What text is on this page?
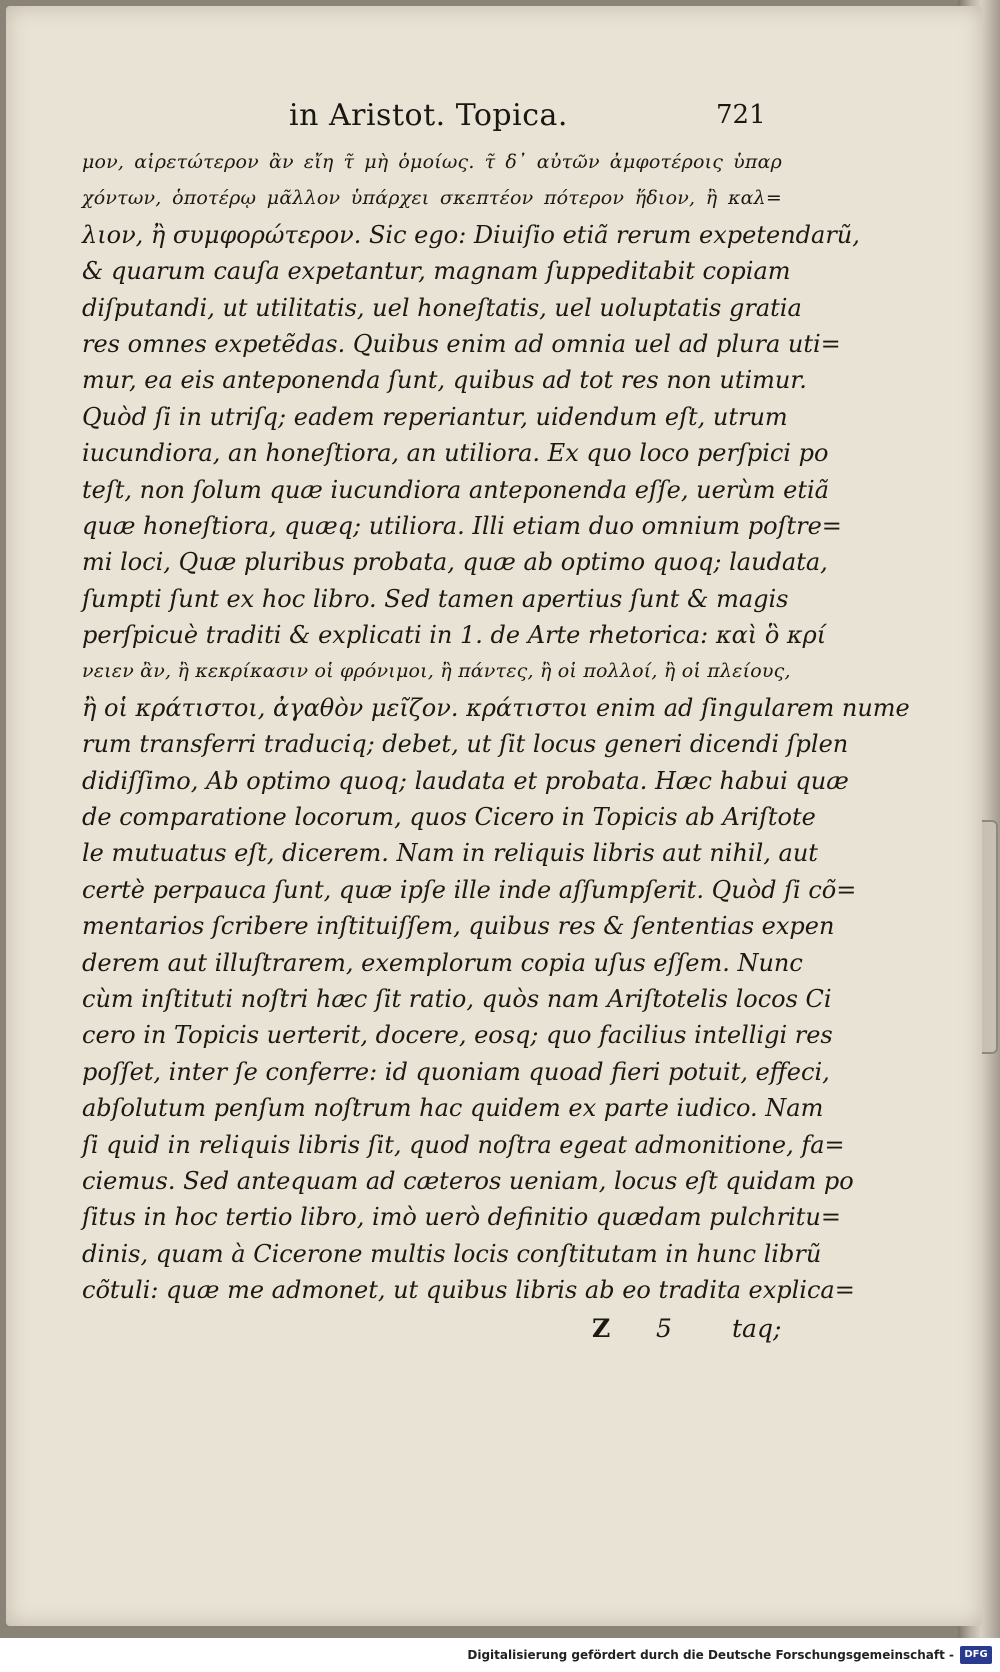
in Aristot. Topica.	721
μον, αἱρετώτερον ἂν εἴη τ̃ μὴ ὁμοίως. τ̃ δ᾽ αὐτῶν ἀμφοτέροις ὑπαρ
χόντων, ὁποτέρῳ μᾶλλον ὑπάρχει σκεπτέον πότερον ἥδιον, ἢ καλ=
λιον, ἢ συμφορώτερον. Sic ego: Diuiſio etiã rerum expetendarũ,
& quarum cauſa expetantur, magnam ſuppeditabit copiam
diſputandi, ut utilitatis, uel honeſtatis, uel uoluptatis gratia
res omnes expetẽdas. Quibus enim ad omnia uel ad plura uti=
mur, ea eis anteponenda ſunt, quibus ad tot res non utimur.
Quòd ſi in utriſq; eadem reperiantur, uidendum eſt, utrum
iucundiora, an honeſtiora, an utiliora. Ex quo loco perſpici po
teſt, non ſolum quæ iucundiora anteponenda eſſe, uerùm etiã
quæ honeſtiora, quæq; utiliora. Illi etiam duo omnium poſtre=
mi loci, Quæ pluribus probata, quæ ab optimo quoq; laudata,
ſumpti ſunt ex hoc libro. Sed tamen apertius ſunt & magis
perſpicuè traditi & explicati in 1. de Arte rhetorica: καὶ ὃ κρί
νειεν ἂν, ἢ κεκρίκασιν οἱ φρόνιμοι, ἢ πάντες, ἢ οἱ πολλοί, ἢ οἱ πλείους,
ἢ οἱ κράτιστοι, ἀγαθὸν μεῖζον. κράτιστοι enim ad ſingularem nume
rum transferri traduciq; debet, ut ſit locus generi dicendi ſplen
didiſſimo, Ab optimo quoq; laudata et probata. Hæc habui quæ
de comparatione locorum, quos Cicero in Topicis ab Ariſtote
le mutuatus eſt, dicerem. Nam in reliquis libris aut nihil, aut
certè perpauca ſunt, quæ ipſe ille inde aſſumpſerit. Quòd ſi cõ=
mentarios ſcribere inſtituiſſem, quibus res & ſententias expen
derem aut illuſtrarem, exemplorum copia uſus eſſem. Nunc
cùm inſtituti noſtri hæc ſit ratio, quòs nam Ariſtotelis locos Ci
cero in Topicis uerterit, docere, eosq; quo facilius intelligi res
poſſet, inter ſe conferre: id quoniam quoad fieri potuit, effeci,
abſolutum penſum noſtrum hac quidem ex parte iudico. Nam
ſi quid in reliquis libris ſit, quod noſtra egeat admonitione, fa=
ciemus. Sed antequam ad cæteros ueniam, locus eſt quidam po
ſitus in hoc tertio libro, imò uerò definitio quædam pulchritu=
dinis, quam à Cicerone multis locis conſtitutam in hunc librũ
cõtuli: quæ me admonet, ut quibus libris ab eo tradita explica=
Z 5 taq;
Digitalisierung gefördert durch die Deutsche Forschungsgemeinschaft -	DFG
